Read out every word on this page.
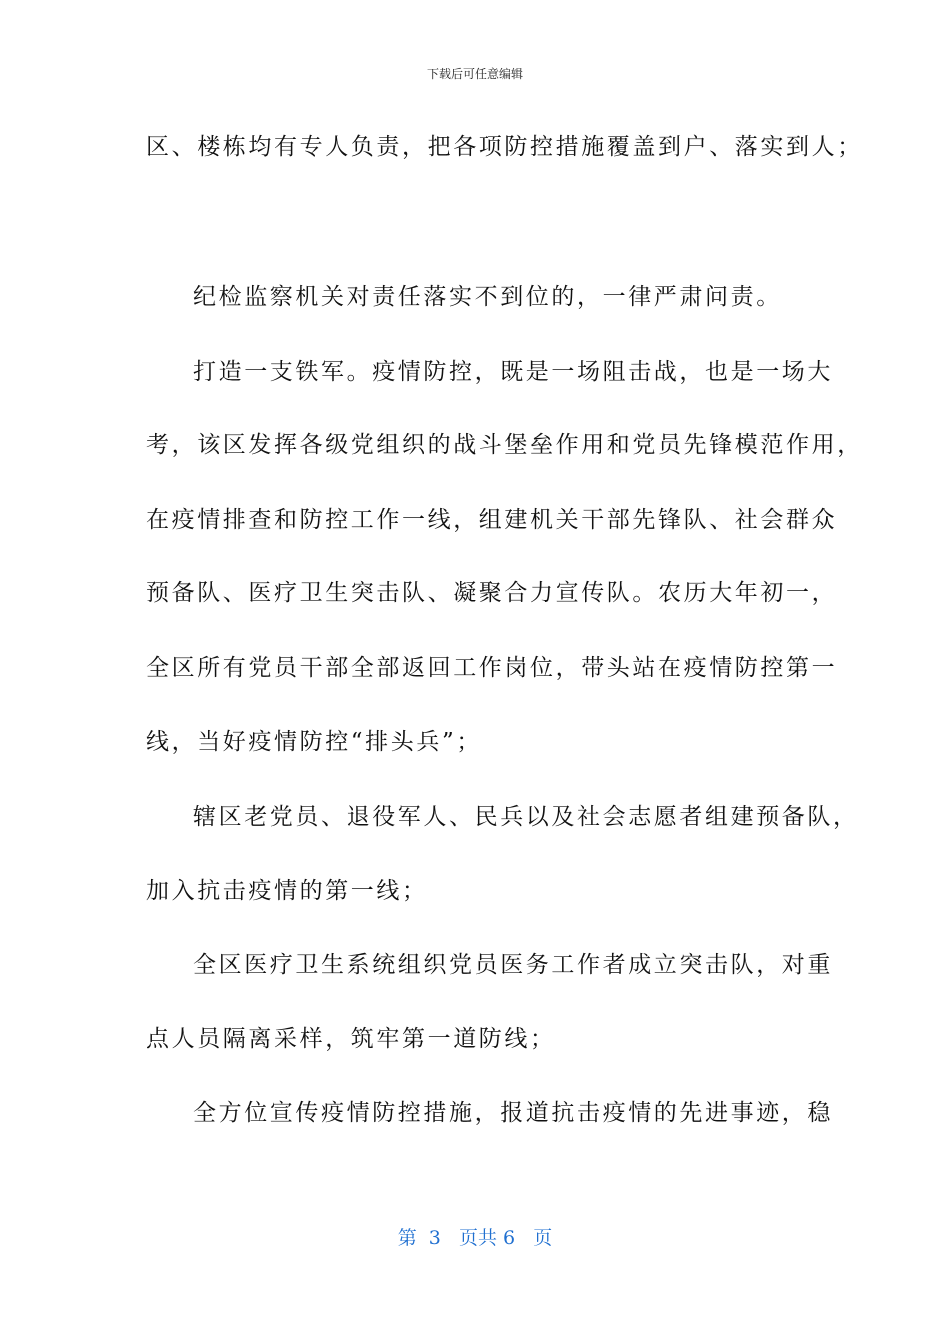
下载后可任意编辑
区、楼栋均有专人负责，把各项防控措施覆盖到户、落实到人；
纪检监察机关对责任落实不到位的，一律严肃问责。
打造一支铁军。疫情防控，既是一场阻击战，也是一场大
考，该区发挥各级党组织的战斗堡垒作用和党员先锋模范作用，
在疫情排查和防控工作一线，组建机关干部先锋队、社会群众
预备队、医疗卫生突击队、凝聚合力宣传队。农历大年初一，
全区所有党员干部全部返回工作岗位，带头站在疫情防控第一
线，当好疫情防控“排头兵”；
辖区老党员、退役军人、民兵以及社会志愿者组建预备队，
加入抗击疫情的第一线；
全区医疗卫生系统组织党员医务工作者成立突击队，对重
点人员隔离采样，筑牢第一道防线；
全方位宣传疫情防控措施，报道抗击疫情的先进事迹，稳
第  3   页共 6   页
